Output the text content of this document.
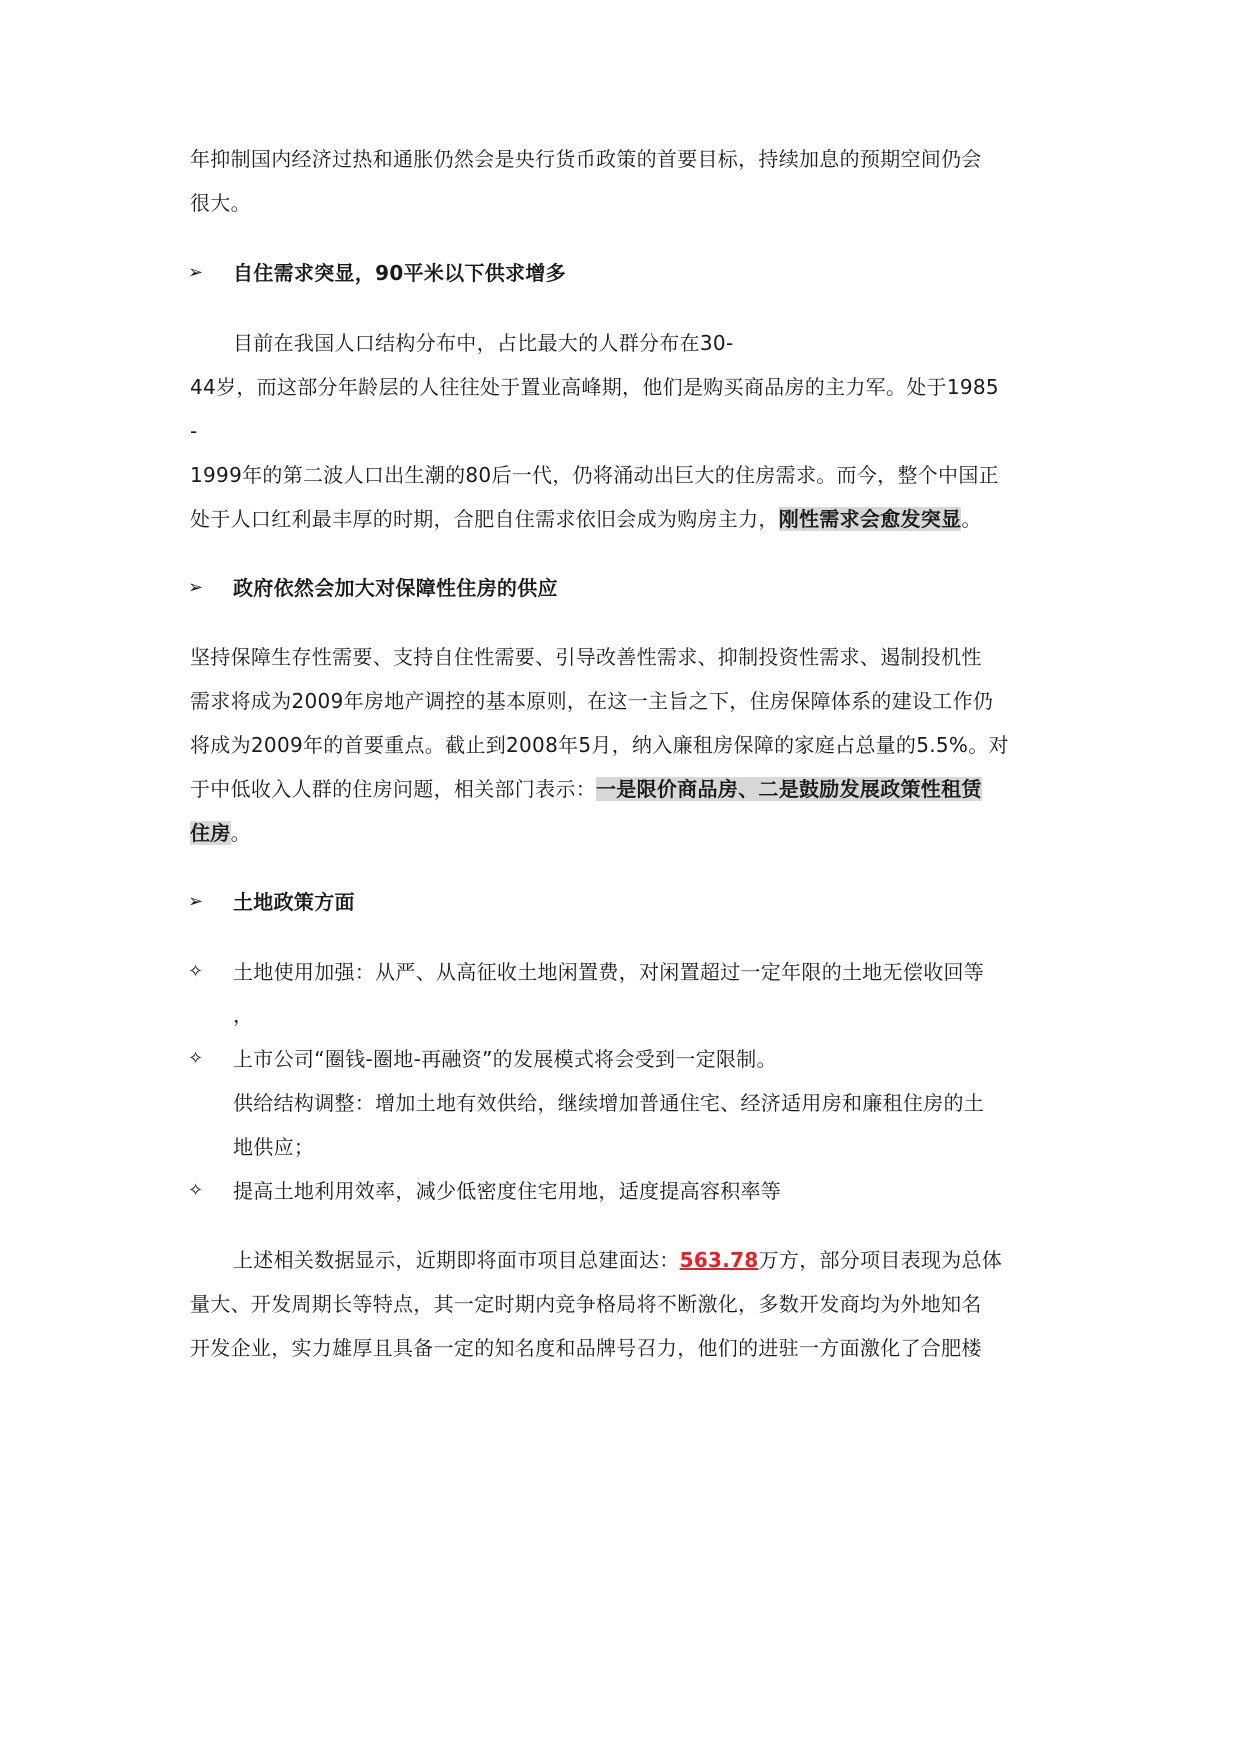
年抑制国内经济过热和通胀仍然会是央行货币政策的首要目标，持续加息的预期空间仍会
很大。
➢ 自住需求突显，90平米以下供求增多
目前在我国人口结构分布中，占比最大的人群分布在30-
44岁，而这部分年龄层的人往往处于置业高峰期，他们是购买商品房的主力军。处于1985
-
1999年的第二波人口出生潮的80后一代，仍将涌动出巨大的住房需求。而今，整个中国正
处于人口红利最丰厚的时期，合肥自住需求依旧会成为购房主力，刚性需求会愈发突显。
➢ 政府依然会加大对保障性住房的供应
坚持保障生存性需要、支持自住性需要、引导改善性需求、抑制投资性需求、遏制投机性
需求将成为2009年房地产调控的基本原则，在这一主旨之下，住房保障体系的建设工作仍
将成为2009年的首要重点。截止到2008年5月，纳入廉租房保障的家庭占总量的5.5%。对
于中低收入人群的住房问题，相关部门表示：一是限价商品房、二是鼓励发展政策性租赁
住房。
➢ 土地政策方面
✧ 土地使用加强：从严、从高征收土地闲置费，对闲置超过一定年限的土地无偿收回等
，
✧ 上市公司“圈钱-圈地-再融资”的发展模式将会受到一定限制。
供给结构调整：增加土地有效供给，继续增加普通住宅、经济适用房和廉租住房的土
地供应；
✧ 提高土地利用效率，减少低密度住宅用地，适度提高容积率等
上述相关数据显示，近期即将面市项目总建面达：563.78万方，部分项目表现为总体
量大、开发周期长等特点，其一定时期内竞争格局将不断激化，多数开发商均为外地知名
开发企业，实力雄厚且具备一定的知名度和品牌号召力，他们的进驻一方面激化了合肥楼
